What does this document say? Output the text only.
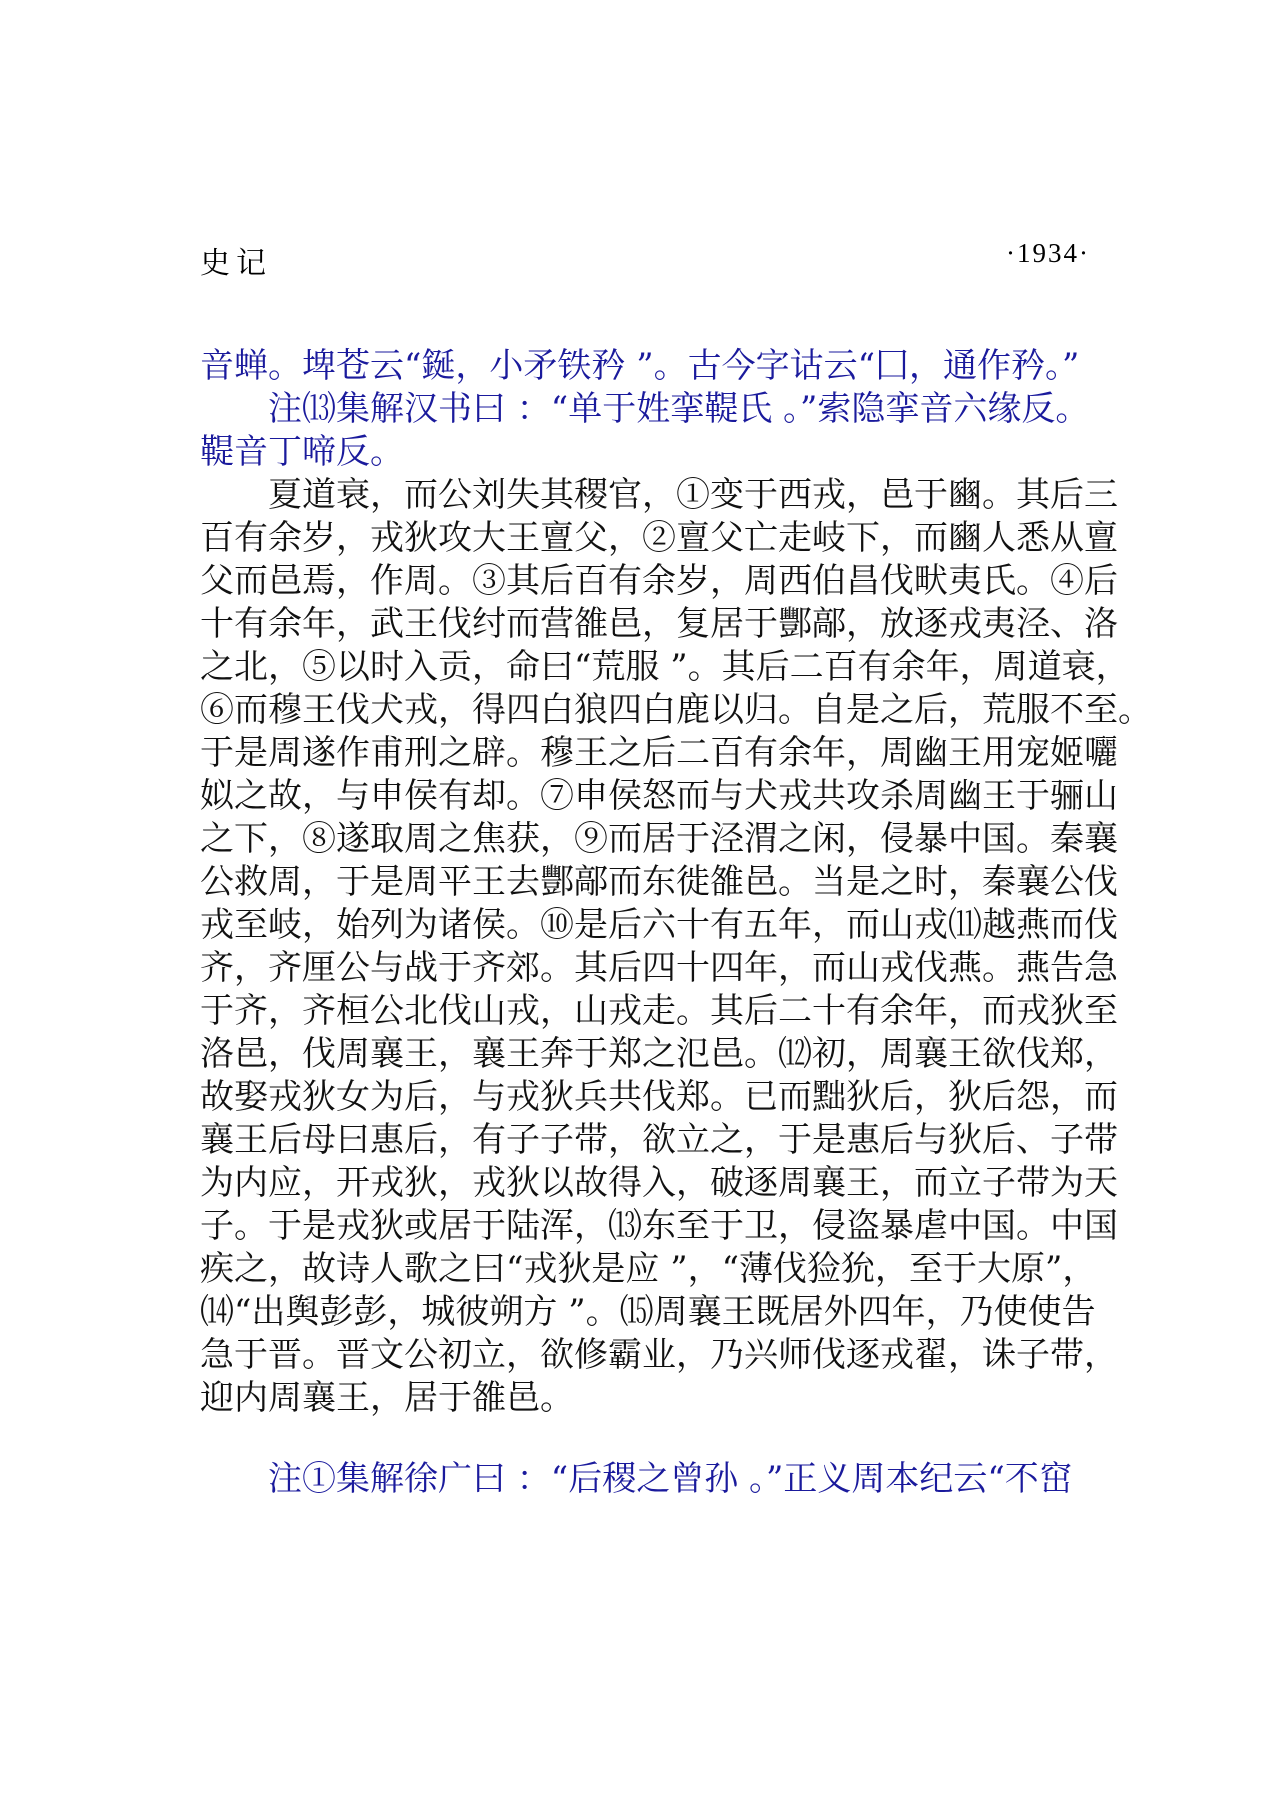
史记	·1934·
音蝉。埤苍云“鋋，小矛铁矜 ”。古今字诂云“囗，通作矜。”
注⒀集解汉书曰 ：“单于姓挛鞮氏 。”索隐挛音六缘反。
鞮音丁啼反。
夏道衰，而公刘失其稷官，①变于西戎，邑于豳。其后三
百有余岁，戎狄攻大王亶父，②亶父亡走岐下，而豳人悉从亶
父而邑焉，作周。③其后百有余岁，周西伯昌伐畎夷氏。④后
十有余年，武王伐纣而营雒邑，复居于酆鄗，放逐戎夷泾、洛
之北，⑤以时入贡，命曰“荒服 ”。其后二百有余年，周道衰，
⑥而穆王伐犬戎，得四白狼四白鹿以归。自是之后，荒服不至。
于是周遂作甫刑之辟。穆王之后二百有余年，周幽王用宠姬囇
姒之故，与申侯有却。⑦申侯怒而与犬戎共攻杀周幽王于骊山
之下，⑧遂取周之焦获，⑨而居于泾渭之闲，侵暴中国。秦襄
公救周，于是周平王去酆鄗而东徙雒邑。当是之时，秦襄公伐
戎至岐，始列为诸侯。⑩是后六十有五年，而山戎⑾越燕而伐
齐，齐厘公与战于齐郊。其后四十四年，而山戎伐燕。燕告急
于齐，齐桓公北伐山戎，山戎走。其后二十有余年，而戎狄至
洛邑，伐周襄王，襄王奔于郑之氾邑。⑿初，周襄王欲伐郑，
故娶戎狄女为后，与戎狄兵共伐郑。已而黜狄后，狄后怨，而
襄王后母曰惠后，有子子带，欲立之，于是惠后与狄后、子带
为内应，开戎狄，戎狄以故得入，破逐周襄王，而立子带为天
子。于是戎狄或居于陆浑，⒀东至于卫，侵盗暴虐中国。中国
疾之，故诗人歌之曰“戎狄是应 ”，“薄伐猃狁，至于大原”，
⒁“出舆彭彭，城彼朔方 ”。⒂周襄王既居外四年，乃使使告
急于晋。晋文公初立，欲修霸业，乃兴师伐逐戎翟，诛子带，
迎内周襄王，居于雒邑。
注①集解徐广曰 ：“后稷之曾孙 。”正义周本纪云“不窋
